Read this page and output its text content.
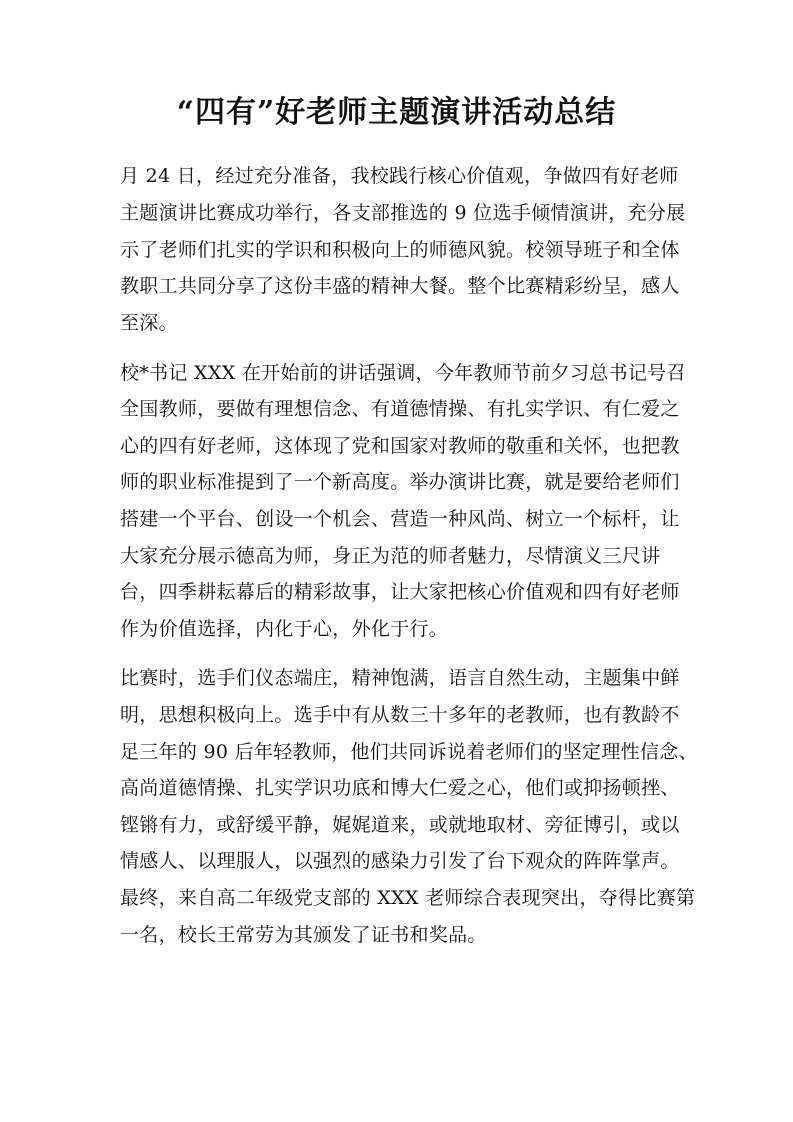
“四有”好老师主题演讲活动总结
月 24 日，经过充分准备，我校践行核心价值观，争做四有好老师
主题演讲比赛成功举行，各支部推选的 9 位选手倾情演讲，充分展
示了老师们扎实的学识和积极向上的师德风貌。校领导班子和全体
教职工共同分享了这份丰盛的精神大餐。整个比赛精彩纷呈，感人
至深。
校*书记 XXX 在开始前的讲话强调，今年教师节前夕习总书记号召
全国教师，要做有理想信念、有道德情操、有扎实学识、有仁爱之
心的四有好老师，这体现了党和国家对教师的敬重和关怀，也把教
师的职业标准提到了一个新高度。举办演讲比赛，就是要给老师们
搭建一个平台、创设一个机会、营造一种风尚、树立一个标杆，让
大家充分展示德高为师，身正为范的师者魅力，尽情演义三尺讲
台，四季耕耘幕后的精彩故事，让大家把核心价值观和四有好老师
作为价值选择，内化于心，外化于行。
比赛时，选手们仪态端庄，精神饱满，语言自然生动，主题集中鲜
明，思想积极向上。选手中有从数三十多年的老教师，也有教龄不
足三年的 90 后年轻教师，他们共同诉说着老师们的坚定理性信念、
高尚道德情操、扎实学识功底和博大仁爱之心，他们或抑扬顿挫、
铿锵有力，或舒缓平静，娓娓道来，或就地取材、旁征博引，或以
情感人、以理服人，以强烈的感染力引发了台下观众的阵阵掌声。
最终，来自高二年级党支部的 XXX 老师综合表现突出，夺得比赛第
一名，校长王常劳为其颁发了证书和奖品。
